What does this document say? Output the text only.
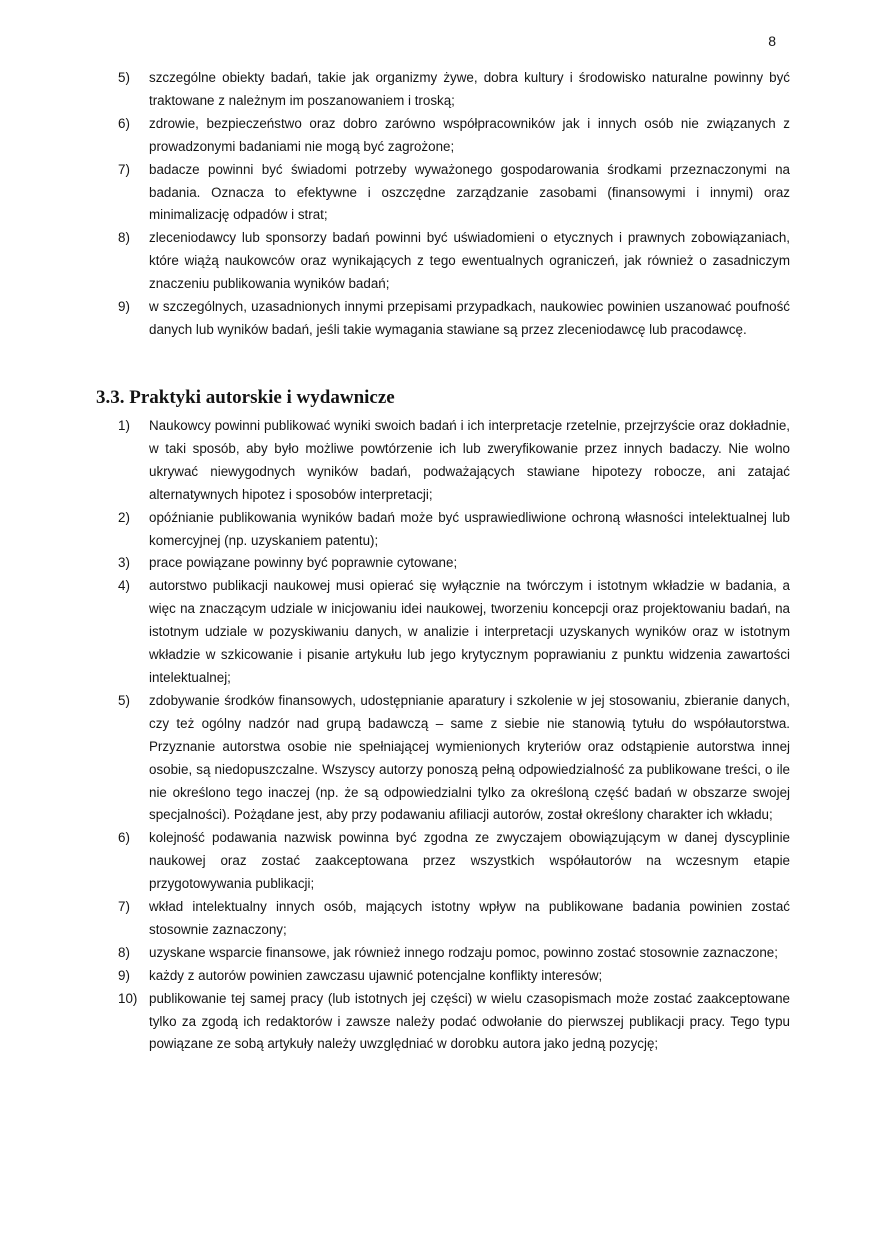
8
5) szczególne obiekty badań, takie jak organizmy żywe, dobra kultury i środowisko naturalne powinny być traktowane z należnym im poszanowaniem i troską;
6) zdrowie, bezpieczeństwo oraz dobro zarówno współpracowników jak i innych osób nie związanych z prowadzonymi badaniami nie mogą być zagrożone;
7) badacze powinni być świadomi potrzeby wyważonego gospodarowania środkami przeznaczonymi na badania. Oznacza to efektywne i oszczędne zarządzanie zasobami (finansowymi i innymi) oraz minimalizację odpadów i strat;
8) zleceniodawcy lub sponsorzy badań powinni być uświadomieni o etycznych i prawnych zobowiązaniach, które wiążą naukowców oraz wynikających z tego ewentualnych ograniczeń, jak również o zasadniczym znaczeniu publikowania wyników badań;
9) w szczególnych, uzasadnionych innymi przepisami przypadkach, naukowiec powinien uszanować poufność danych lub wyników badań, jeśli takie wymagania stawiane są przez zleceniodawcę lub pracodawcę.
3.3. Praktyki autorskie i wydawnicze
1) Naukowcy powinni publikować wyniki swoich badań i ich interpretacje rzetelnie, przejrzyście oraz dokładnie, w taki sposób, aby było możliwe powtórzenie ich lub zweryfikowanie przez innych badaczy. Nie wolno ukrywać niewygodnych wyników badań, podważających stawiane hipotezy robocze, ani zatajać alternatywnych hipotez i sposobów interpretacji;
2) opóźnianie publikowania wyników badań może być usprawiedliwione ochroną własności intelektualnej lub komercyjnej (np. uzyskaniem patentu);
3) prace powiązane powinny być poprawnie cytowane;
4) autorstwo publikacji naukowej musi opierać się wyłącznie na twórczym i istotnym wkładzie w badania, a więc na znaczącym udziale w inicjowaniu idei naukowej, tworzeniu koncepcji oraz projektowaniu badań, na istotnym udziale w pozyskiwaniu danych, w analizie i interpretacji uzyskanych wyników oraz w istotnym wkładzie w szkicowanie i pisanie artykułu lub jego krytycznym poprawianiu z punktu widzenia zawartości intelektualnej;
5) zdobywanie środków finansowych, udostępnianie aparatury i szkolenie w jej stosowaniu, zbieranie danych, czy też ogólny nadzór nad grupą badawczą – same z siebie nie stanowią tytułu do współautorstwa. Przyznanie autorstwa osobie nie spełniającej wymienionych kryteriów oraz odstąpienie autorstwa innej osobie, są niedopuszczalne. Wszyscy autorzy ponoszą pełną odpowiedzialność za publikowane treści, o ile nie określono tego inaczej (np. że są odpowiedzialni tylko za określoną część badań w obszarze swojej specjalności). Pożądane jest, aby przy podawaniu afiliacji autorów, został określony charakter ich wkładu;
6) kolejność podawania nazwisk powinna być zgodna ze zwyczajem obowiązującym w danej dyscyplinie naukowej oraz zostać zaakceptowana przez wszystkich współautorów na wczesnym etapie przygotowywania publikacji;
7) wkład intelektualny innych osób, mających istotny wpływ na publikowane badania powinien zostać stosownie zaznaczony;
8) uzyskane wsparcie finansowe, jak również innego rodzaju pomoc, powinno zostać stosownie zaznaczone;
9) każdy z autorów powinien zawczasu ujawnić potencjalne konflikty interesów;
10) publikowanie tej samej pracy (lub istotnych jej części) w wielu czasopismach może zostać zaakceptowane tylko za zgodą ich redaktorów i zawsze należy podać odwołanie do pierwszej publikacji pracy. Tego typu powiązane ze sobą artykuły należy uwzględniać w dorobku autora jako jedną pozycję;
